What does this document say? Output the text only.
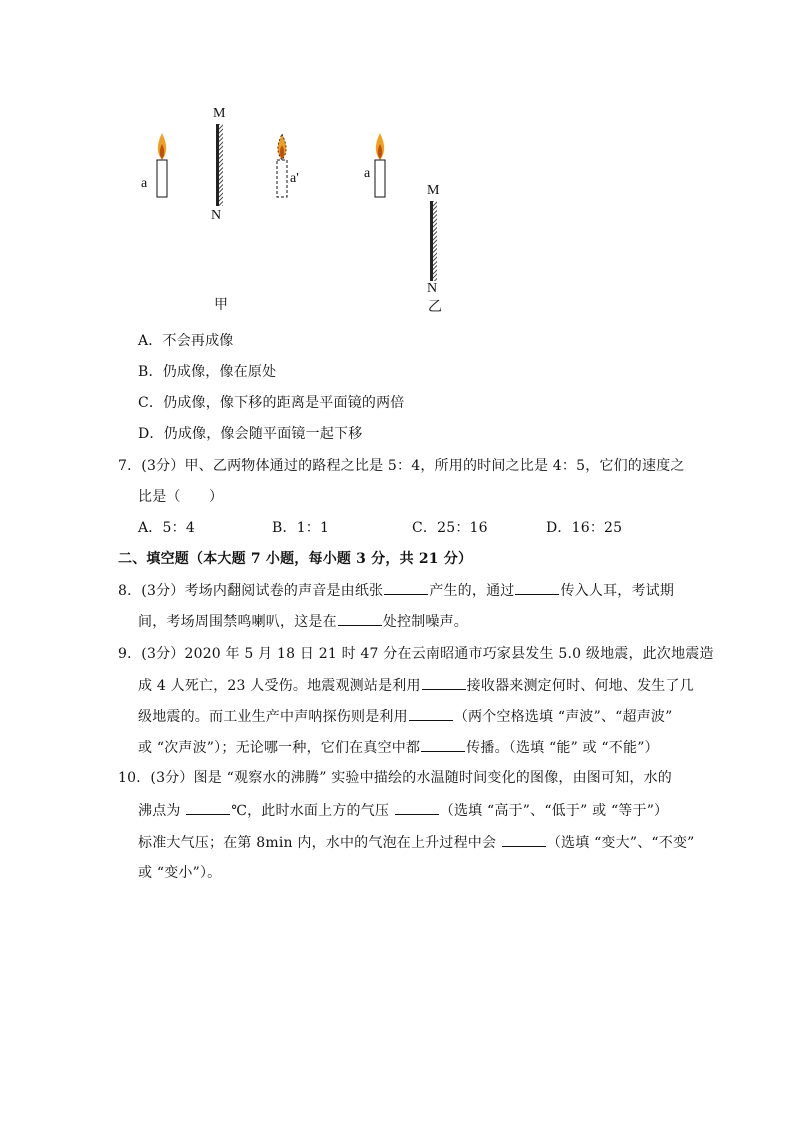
M
N
a	a'
甲
a
M
N
乙
A．不会再成像
B．仍成像，像在原处
C．仍成像，像下移的距离是平面镜的两倍
D．仍成像，像会随平面镜一起下移
7．(3分）甲、乙两物体通过的路程之比是 5：4，所用的时间之比是 4：5，它们的速度之
比是（　　）
A．5：4	B．1：1	C．25：16	D．16：25
二、填空题（本大题 7 小题，每小题 3 分，共 21 分）
8．(3分）考场内翻阅试卷的声音是由纸张	产生的，通过	传入人耳，考试期
间，考场周围禁鸣喇叭，这是在	处控制噪声。
9．(3分）2020 年 5 月 18 日 21 时 47 分在云南昭通市巧家县发生 5.0 级地震，此次地震造
成 4 人死亡，23 人受伤。地震观测站是利用	接收器来测定何时、何地、发生了几
级地震的。而工业生产中声呐探伤则是利用	（两个空格选填 “声波”、“超声波”
或 “次声波”）；无论哪一种，它们在真空中都	传播。（选填 “能” 或 “不能”）
10．(3分）图是 “观察水的沸腾” 实验中描绘的水温随时间变化的图像，由图可知，水的
沸点为	℃，此时水面上方的气压	（选填 “高于”、“低于” 或 “等于”）
标准大气压；在第 8min 内，水中的气泡在上升过程中会	（选填 “变大”、“不变”
或 “变小”）。
